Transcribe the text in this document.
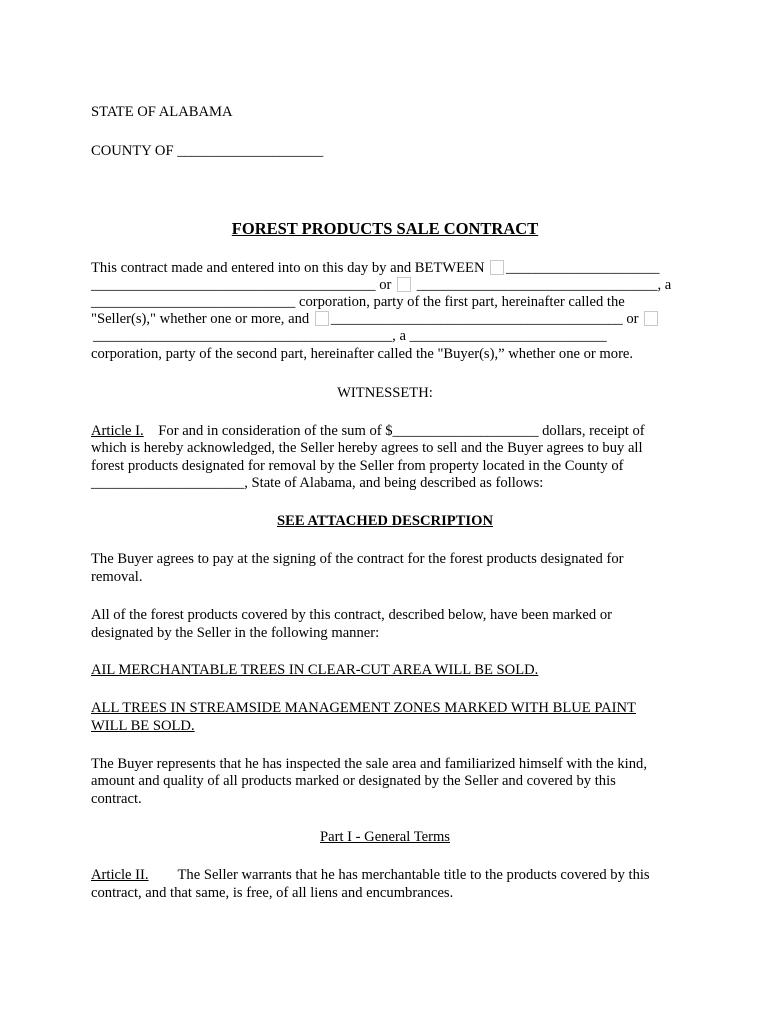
STATE OF ALABAMA
COUNTY OF ____________________
FOREST PRODUCTS SALE CONTRACT
This contract made and entered into on this day by and BETWEEN _____________________
_______________________________________ or _________________________________, a
____________________________ corporation, party of the first part, hereinafter called the
"Seller(s)," whether one or more, and ________________________________________ or
_________________________________________, a ___________________________
corporation, party of the second part, hereinafter called the "Buyer(s),” whether one or more.
WITNESSETH:
Article I. For and in consideration of the sum of $____________________ dollars, receipt of
which is hereby acknowledged, the Seller hereby agrees to sell and the Buyer agrees to buy all
forest products designated for removal by the Seller from property located in the County of
_____________________, State of Alabama, and being described as follows:
SEE ATTACHED DESCRIPTION
The Buyer agrees to pay at the signing of the contract for the forest products designated for
removal.
All of the forest products covered by this contract, described below, have been marked or
designated by the Seller in the following manner:
AIL MERCHANTABLE TREES IN CLEAR-CUT AREA WILL BE SOLD.
ALL TREES IN STREAMSIDE MANAGEMENT ZONES MARKED WITH BLUE PAINT
WILL BE SOLD.
The Buyer represents that he has inspected the sale area and familiarized himself with the kind,
amount and quality of all products marked or designated by the Seller and covered by this
contract.
Part I - General Terms
Article II. The Seller warrants that he has merchantable title to the products covered by this
contract, and that same, is free, of all liens and encumbrances.
